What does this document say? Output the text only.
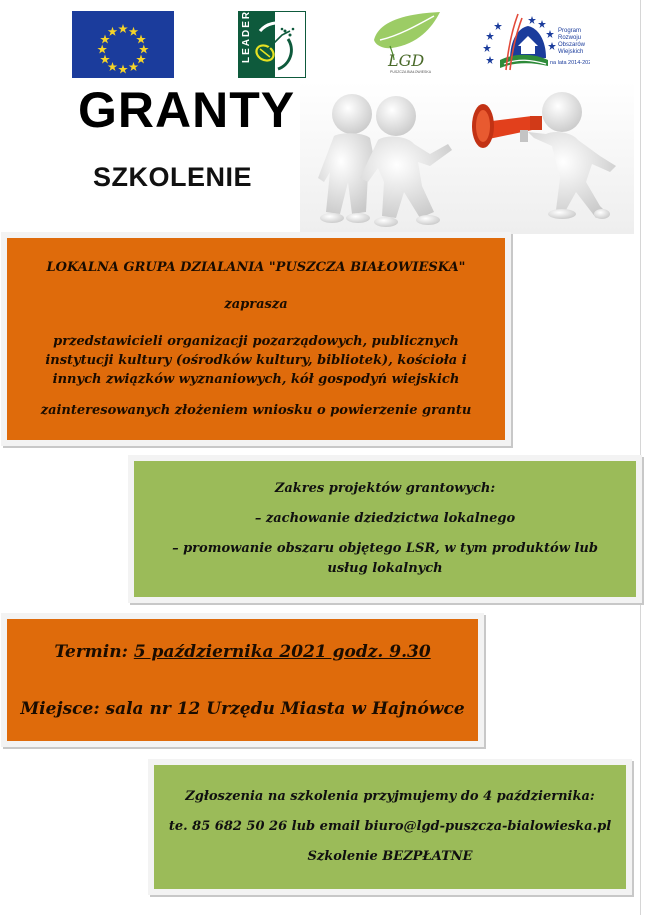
LEADER	LGD
PUSZCZA BIAŁOWIESKA
Program
Rozwoju
Obszarów
Wiejskich
na lata 2014-2020
GRANTY
SZKOLENIE

LOKALNA GRUPA DZIALANIA "PUSZCZA BIAŁOWIESKA"

zaprasza

przedstawicieli organizacji pozarządowych, publicznych instytucji kultury (ośrodków kultury, bibliotek), kościoła i innych związków wyznaniowych, kół gospodyń wiejskich

zainteresowanych złożeniem wniosku o powierzenie grantu

Zakres projektów grantowych:

– zachowanie dziedzictwa lokalnego

– promowanie obszaru objętego LSR, w tym produktów lub usług lokalnych

Termin: 5 października 2021 godz. 9.30

Miejsce: sala nr 12 Urzędu Miasta w Hajnówce

Zgłoszenia na szkolenia przyjmujemy do 4 października:

te. 85 682 50 26 lub email biuro@lgd-puszcza-bialowieska.pl

Szkolenie BEZPŁATNE
